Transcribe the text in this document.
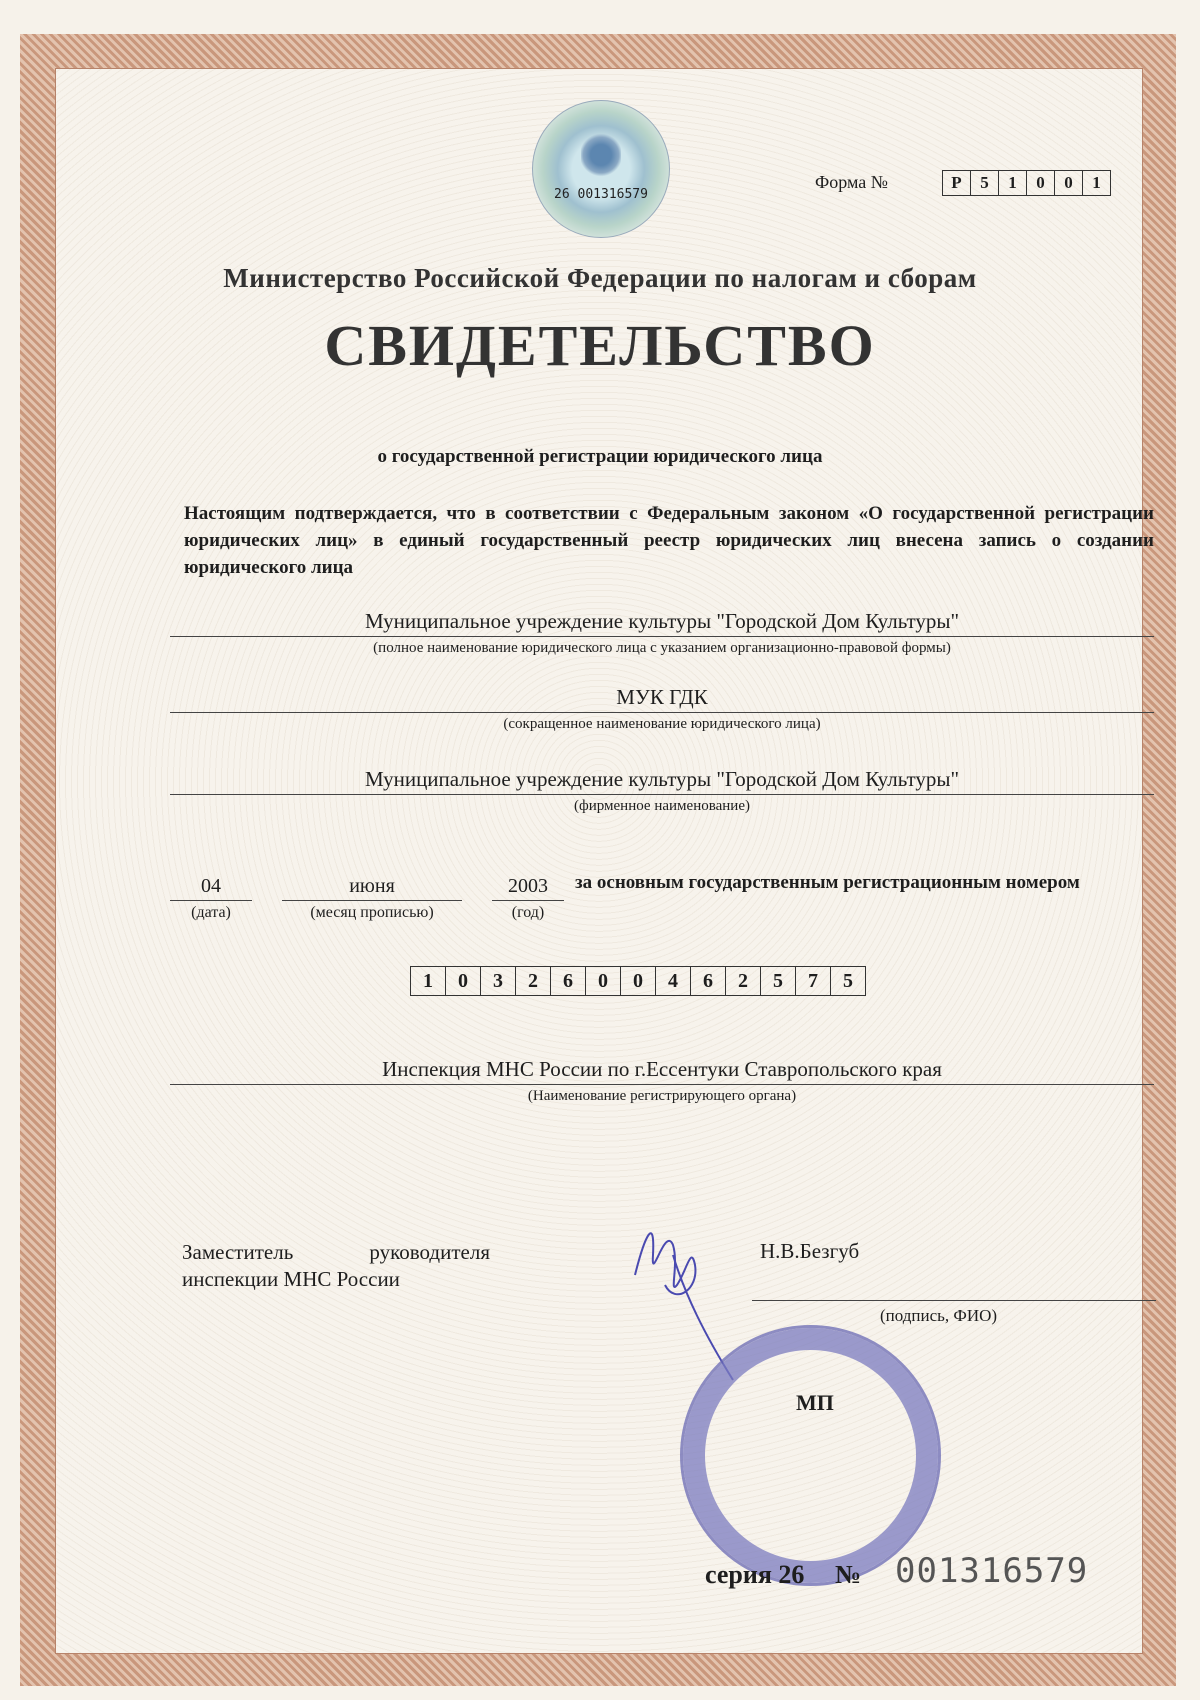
26 001316579
Форма №	Р	5	1	0	0	1
Министерство Российской Федерации по налогам и сборам
СВИДЕТЕЛЬСТВО
о государственной регистрации юридического лица
Настоящим подтверждается, что в соответствии с Федеральным законом «О государственной регистрации юридических лиц» в единый государственный реестр юридических лиц внесена запись о создании юридического лица
Муниципальное учреждение культуры "Городской Дом Культуры"
(полное наименование юридического лица с указанием организационно-правовой формы)
МУК ГДК
(сокращенное наименование юридического лица)
Муниципальное учреждение культуры "Городской Дом Культуры"
(фирменное наименование)
04
(дата)
июня
(месяц прописью)
2003
(год)
за основным государственным регистрационным номером
1	0	3	2	6	0	0	4	6	2	5	7	5
Инспекция МНС России по г.Ессентуки Ставропольского края
(Наименование регистрирующего органа)
Заместитель	руководителя
инспекции МНС России
Н.В.Безгуб
(подпись, ФИО)
МП
серия 26 № 001316579
